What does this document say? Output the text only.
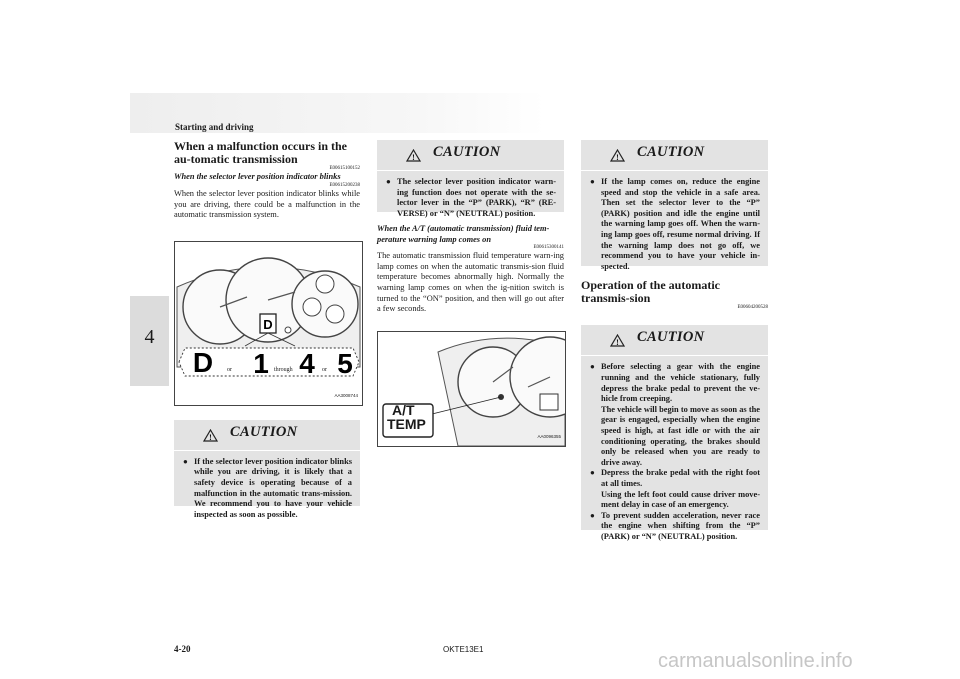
Starting and driving
4
When a malfunction occurs in the au-tomatic transmission
E00615100152
When the selector lever position indicator blinks
E00615200238

When the selector lever position indicator blinks while you are driving, there could be a malfunction in the automatic transmission system.

D
D 1 4 5
or	through	or
AA3008744
! CAUTION
● If the selector lever position indicator blinks while you are driving, it is likely that a safety device is operating because of a malfunction in the automatic trans-mission. We recommend you to have your vehicle inspected as soon as possible.
! CAUTION
● The selector lever position indicator warn-ing function does not operate with the se-lector lever in the “P” (PARK), “R” (RE-VERSE) or “N” (NEUTRAL) position.
When the A/T (automatic transmission) fluid tem-perature warning lamp comes on
E00615300141

The automatic transmission fluid temperature warn-ing lamp comes on when the automatic transmis-sion fluid temperature becomes abnormally high. Normally the warning lamp comes on when the ig-nition switch is turned to the “ON” position, and then will go out after a few seconds.

A/T
TEMP
AA0096355
! CAUTION
● If the lamp comes on, reduce the engine speed and stop the vehicle in a safe area. Then set the selector lever to the “P” (PARK) position and idle the engine until the warning lamp goes off. When the warn-ing lamp goes off, resume normal driving. If the warning lamp does not go off, we recommend you to have your vehicle in-spected.
Operation of the automatic transmis-sion
E00604200528
! CAUTION
● Before selecting a gear with the engine running and the vehicle stationary, fully depress the brake pedal to prevent the ve-hicle from creeping.
The vehicle will begin to move as soon as the gear is engaged, especially when the engine speed is high, at fast idle or with the air conditioning operating, the brakes should only be released when you are ready to drive away.
● Depress the brake pedal with the right foot at all times.
Using the left foot could cause driver move-ment delay in case of an emergency.
● To prevent sudden acceleration, never race the engine when shifting from the “P” (PARK) or “N” (NEUTRAL) position.
4-20	OKTE13E1
carmanualsonline.info
